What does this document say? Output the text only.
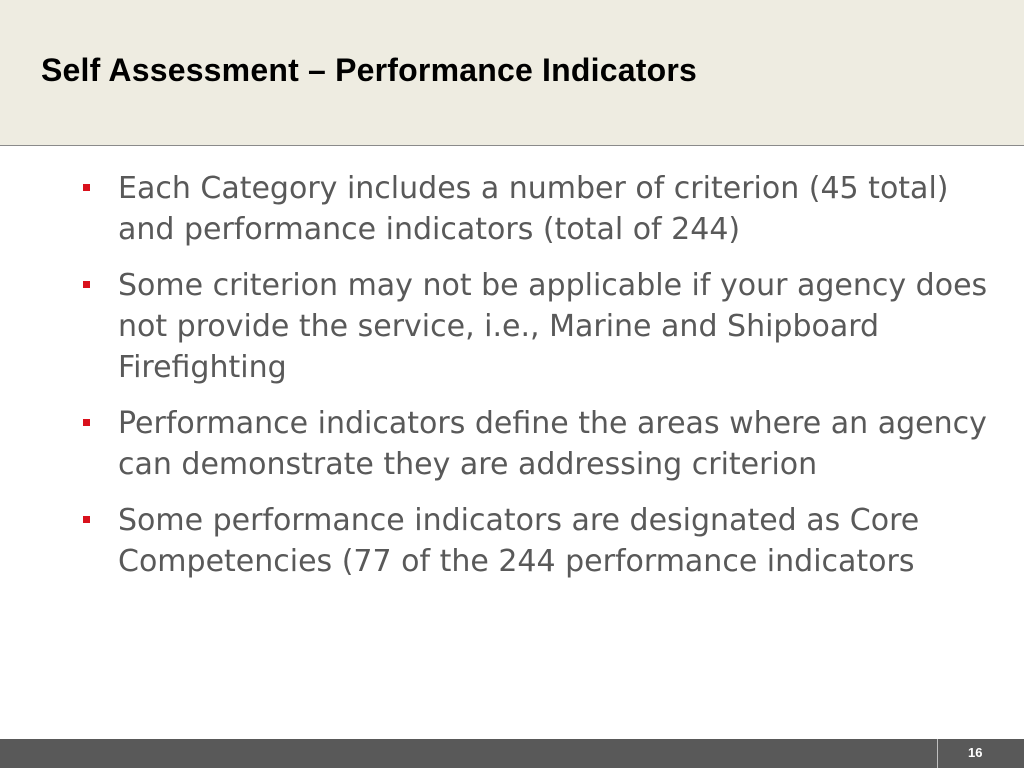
Self Assessment – Performance Indicators
Each Category includes a number of criterion (45 total) and performance indicators (total of 244)
Some criterion may not be applicable if your agency does not provide the service, i.e., Marine and Shipboard Firefighting
Performance indicators define the areas where an agency can demonstrate they are addressing criterion
Some performance indicators are designated as Core Competencies (77 of the 244 performance indicators
16
